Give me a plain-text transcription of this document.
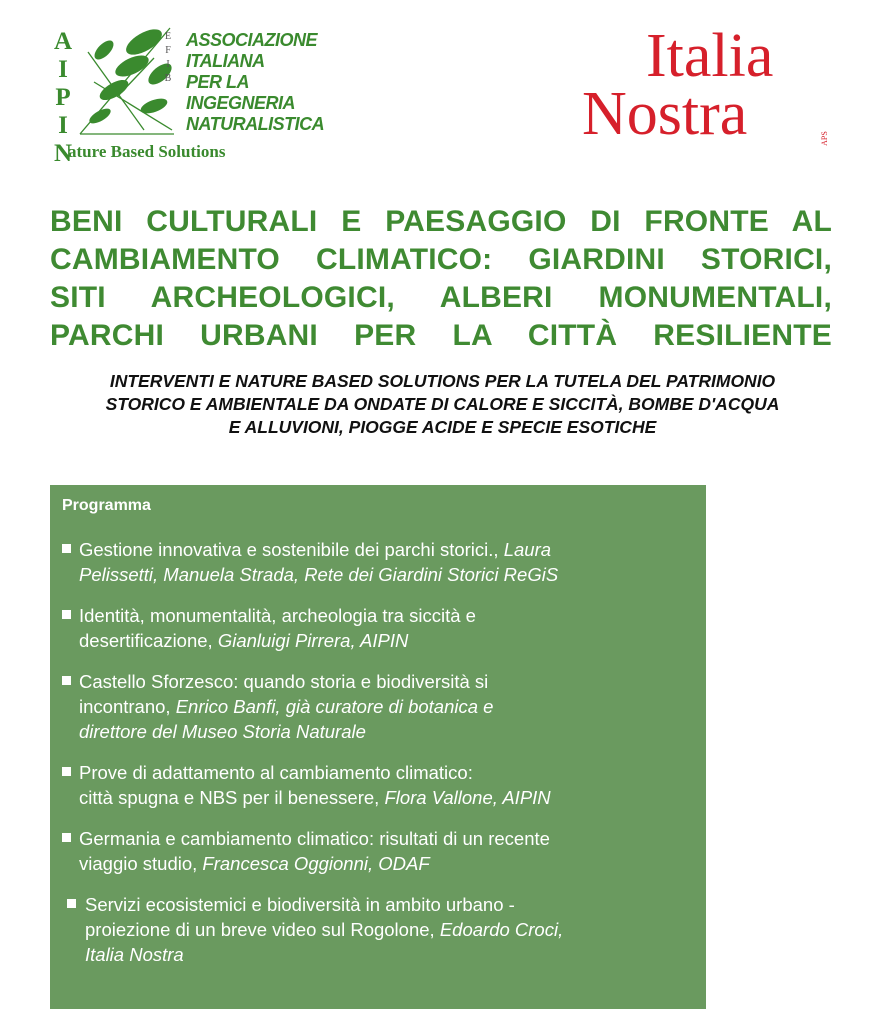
A
I
P
I
N
E
F
I
B
ASSOCIAZIONE
ITALIANA
PER LA
INGEGNERIA
NATURALISTICA
ature Based Solutions
Italia
Nostra	APS
BENI CULTURALI E PAESAGGIO DI FRONTE AL
CAMBIAMENTO CLIMATICO: GIARDINI STORICI,
SITI ARCHEOLOGICI, ALBERI MONUMENTALI,
PARCHI URBANI PER LA CITTÀ RESILIENTE

INTERVENTI E NATURE BASED SOLUTIONS PER LA TUTELA DEL PATRIMONIO
STORICO E AMBIENTALE DA ONDATE DI CALORE E SICCITÀ, BOMBE D'ACQUA
E ALLUVIONI, PIOGGE ACIDE E SPECIE ESOTICHE

Programma
Gestione innovativa e sostenibile dei parchi storici., Laura
Pelissetti, Manuela Strada, Rete dei Giardini Storici ReGiS
Identità, monumentalità, archeologia tra siccità e
desertificazione, Gianluigi Pirrera, AIPIN
Castello Sforzesco: quando storia e biodiversità si
incontrano, Enrico Banfi, già curatore di botanica e
direttore del Museo Storia Naturale
Prove di adattamento al cambiamento climatico:
città spugna e NBS per il benessere, Flora Vallone, AIPIN
Germania e cambiamento climatico: risultati di un recente
viaggio studio, Francesca Oggionni, ODAF
Servizi ecosistemici e biodiversità in ambito urbano -
proiezione di un breve video sul Rogolone, Edoardo Croci,
Italia Nostra
